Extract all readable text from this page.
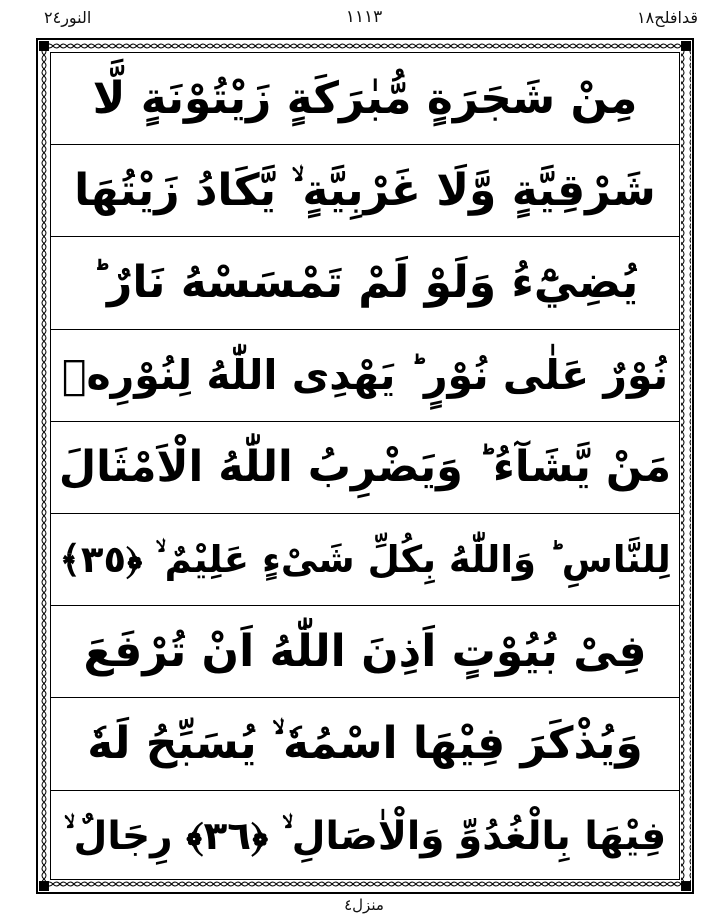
النور٢٤	١١١٣	قدافلح١٨
مِنْ شَجَرَةٍ مُّبٰرَكَةٍ زَيْتُوْنَةٍ لَّا
شَرْقِيَّةٍ وَّلَا غَرْبِيَّةٍ ۙ يَّكَادُ زَيْتُهَا
يُضِيْٓءُ وَلَوْ لَمْ تَمْسَسْهُ نَارٌ ؕ
نُوْرٌ عَلٰى نُوْرٍ ؕ يَهْدِى اللّٰهُ لِنُوْرِهٖ
مَنْ يَّشَآءُ ؕ وَيَضْرِبُ اللّٰهُ الْاَمْثَالَ
لِلنَّاسِ ؕ وَاللّٰهُ بِكُلِّ شَىْءٍ عَلِيْمٌ ۙ ﴿٣٥﴾
فِىْ بُيُوْتٍ اَذِنَ اللّٰهُ اَنْ تُرْفَعَ
وَيُذْكَرَ فِيْهَا اسْمُهٗ ۙ يُسَبِّحُ لَهٗ
فِيْهَا بِالْغُدُوِّ وَالْاٰصَالِ ۙ ﴿٣٦﴾ رِجَالٌ ۙ
منزل٤
